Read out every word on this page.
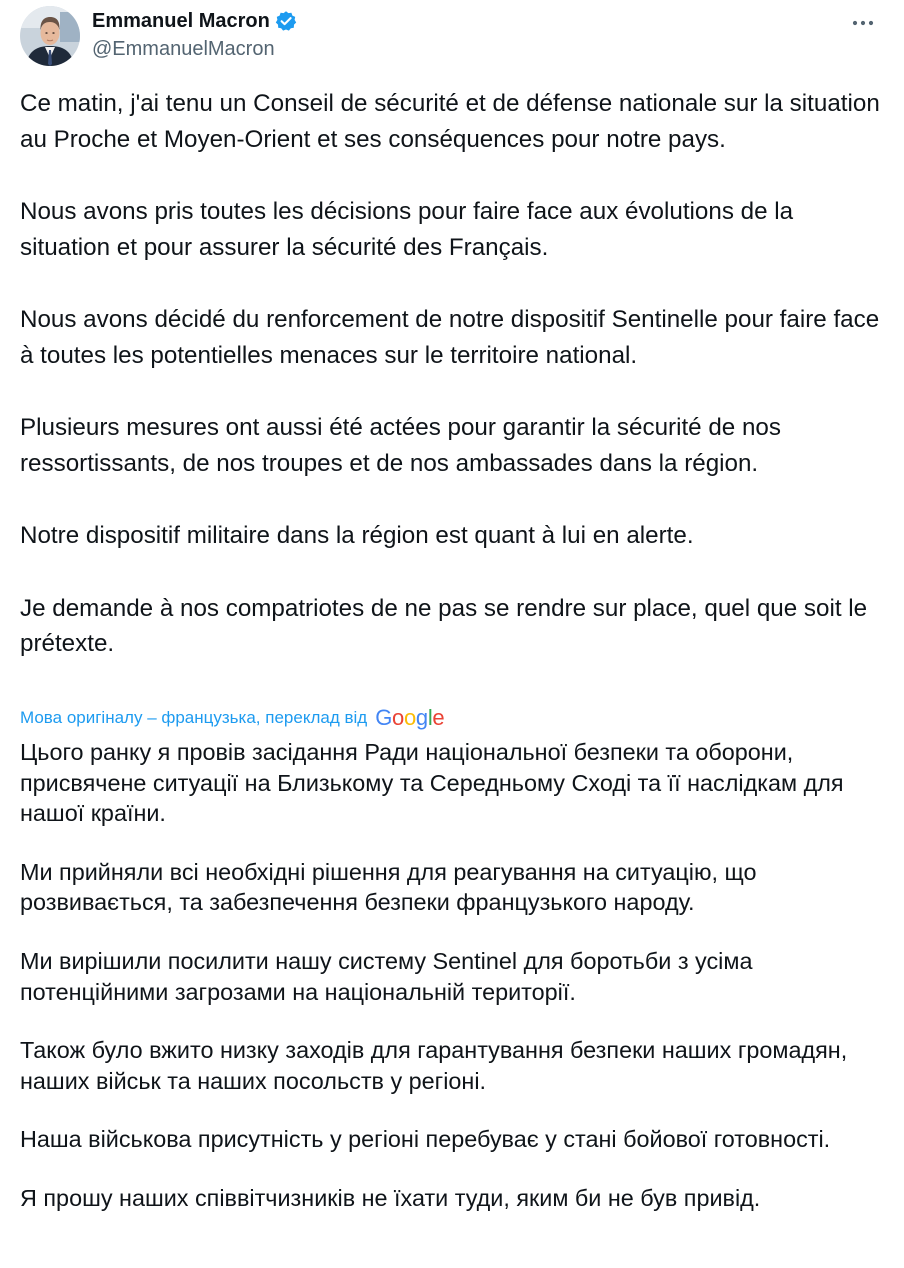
Emmanuel Macron
@EmmanuelMacron

Ce matin, j'ai tenu un Conseil de sécurité et de défense nationale sur la situation au Proche et Moyen-Orient et ses conséquences pour notre pays.

Nous avons pris toutes les décisions pour faire face aux évolutions de la situation et pour assurer la sécurité des Français.

Nous avons décidé du renforcement de notre dispositif Sentinelle pour faire face à toutes les potentielles menaces sur le territoire national.

Plusieurs mesures ont aussi été actées pour garantir la sécurité de nos ressortissants, de nos troupes et de nos ambassades dans la région.

Notre dispositif militaire dans la région est quant à lui en alerte.

Je demande à nos compatriotes de ne pas se rendre sur place, quel que soit le prétexte.

Мова оригіналу – французька, переклад від Google

Цього ранку я провів засідання Ради національної безпеки та оборони, присвячене ситуації на Близькому та Середньому Сході та її наслідкам для нашої країни.

Ми прийняли всі необхідні рішення для реагування на ситуацію, що розвивається, та забезпечення безпеки французького народу.

Ми вирішили посилити нашу систему Sentinel для боротьби з усіма потенційними загрозами на національній території.

Також було вжито низку заходів для гарантування безпеки наших громадян, наших військ та наших посольств у регіоні.

Наша військова присутність у регіоні перебуває у стані бойової готовності.

Я прошу наших співвітчизників не їхати туди, яким би не був привід.
